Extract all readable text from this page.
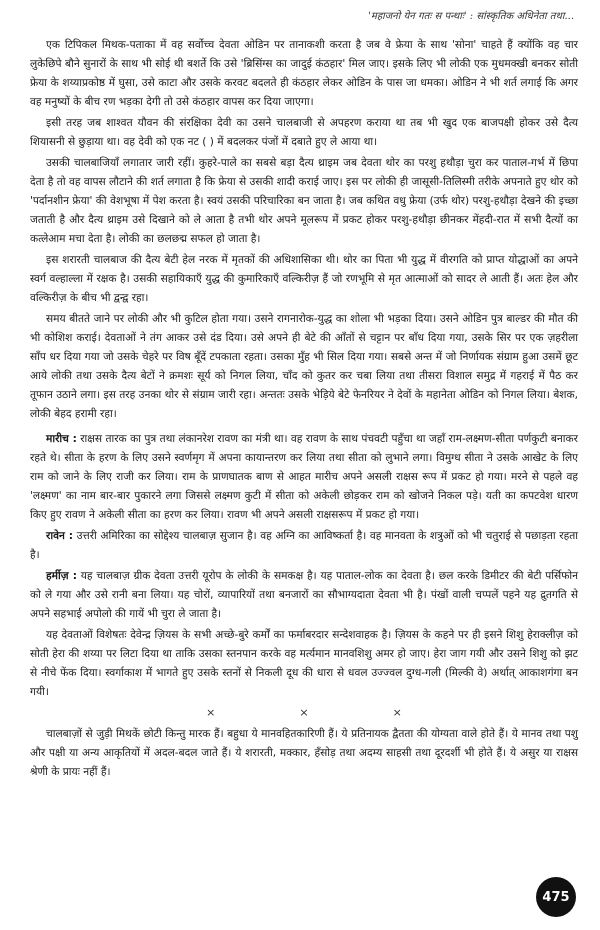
'महाजनो येन गतः स पन्थाः' : सांस्कृतिक अधिनेता तथा...

एक टिपिकल मिथक-पताका में वह सर्वोच्च देवता ओडिन पर तानाकशी करता है जब वे फ्रेया के साथ 'सोना' चाहते हैं क्योंकि वह चार लुकेछिपे बौने सुनारों के साथ भी सोई थी बशर्ते कि उसे 'ब्रिसिंग्स का जादुई कंठहार' मिल जाए। इसके लिए भी लोकी एक मुधमक्खी बनकर सोती फ्रेया के शय्याप्रकोष्ठ में घुसा, उसे काटा और उसके करवट बदलते ही कंठहार लेकर ओडिन के पास जा धमका। ओडिन ने भी शर्त लगाई कि अगर वह मनुष्यों के बीच रण भड़का देगी तो उसे कंठहार वापस कर दिया जाएगा।

इसी तरह जब शाश्वत यौवन की संरक्षिका देवी का उसने चालबाजी से अपहरण कराया था तब भी खुद एक बाजपक्षी होकर उसे दैत्य शियासनी से छुड़ाया था। वह देवी को एक नट ( ) में बदलकर पंजों में दबाते हुए ले आया था।

उसकी चालबाजियाँ लगातार जारी रहीं। कुहरे-पाले का सबसे बड़ा दैत्य थ्राइम जब देवता थोर का परशु हथौड़ा चुरा कर पाताल-गर्भ में छिपा देता है तो वह वापस लौटाने की शर्त लगाता है कि फ्रेया से उसकी शादी कराई जाए। इस पर लोकी ही जासूसी-तिलिस्मी तरीके अपनाते हुए थोर को 'पर्दानशीन फ्रेया' की वेशभूषा में पेश करता है। स्वयं उसकी परिचारिका बन जाता है। जब कथित वधु फ्रेया (उर्फ थोर) परशु-हथौड़ा देखने की इच्छा जताती है और दैत्य थ्राइम उसे दिखाने को ले आता है तभी थोर अपने मूलरूप में प्रकट होकर परशु-हथौड़ा छीनकर मेंहदी-रात में सभी दैत्यों का कत्लेआम मचा देता है। लोकी का छलछद्म सफल हो जाता है।

इस शरारती चालबाज की दैत्य बेटी हेल नरक में मृतकों की अधिशासिका थी। थोर का पिता भी युद्ध में वीरगति को प्राप्त योद्धाओं का अपने स्वर्ग वल्हाल्ला में रक्षक है। उसकी सहायिकाएँ युद्ध की कुमारिकाएँ वल्किरीज़ हैं जो रणभूमि से मृत आत्माओं को सादर ले आती हैं। अतः हेल और वल्किरीज़ के बीच भी द्वन्द्व रहा।

समय बीतते जाने पर लोकी और भी कुटिल होता गया। उसने रागनारोक-युद्ध का शोला भी भड़का दिया। उसने ओडिन पुत्र बाल्डर की मौत की भी कोशिश कराई। देवताओं ने तंग आकर उसे दंड दिया। उसे अपने ही बेटे की आँतों से चट्टान पर बाँध दिया गया, उसके सिर पर एक ज़हरीला साँप धर दिया गया जो उसके चेहरे पर विष बूँदें टपकाता रहता। उसका मुँह भी सिल दिया गया। सबसे अन्त में जो निर्णायक संग्राम हुआ उसमें छूट आये लोकी तथा उसके दैत्य बेटों ने क्रमशः सूर्य को निगल लिया, चाँद को कुतर कर चबा लिया तथा तीसरा विशाल समुद्र में गहराई में पैठ कर तूफान उठाने लगा। इस तरह उनका थोर से संग्राम जारी रहा। अन्ततः उसके भेड़िये बेटे फेनरियर ने देवों के महानेता ओडिन को निगल लिया। बेशक, लोकी बेहद हरामी रहा।

मारीच : राक्षस तारक का पुत्र तथा लंकानरेश रावण का मंत्री था। वह रावण के साथ पंचवटी पहुँचा था जहाँ राम-लक्ष्मण-सीता पर्णकुटी बनाकर रहते थे। सीता के हरण के लिए उसने स्वर्णमृग में अपना कायान्तरण कर लिया तथा सीता को लुभाने लगा। विमुग्ध सीता ने उसके आखेट के लिए राम को जाने के लिए राजी कर लिया। राम के प्राणघातक बाण से आहत मारीच अपने असली राक्षस रूप में प्रकट हो गया। मरने से पहले वह 'लक्ष्मण' का नाम बार-बार पुकारने लगा जिससे लक्ष्मण कुटी में सीता को अकेली छोड़कर राम को खोजने निकल पड़े। यती का कपटवेश धारण किए हुए रावण ने अकेली सीता का हरण कर लिया। रावण भी अपने असली राक्षसरूप में प्रकट हो गया।

रावेन : उत्तरी अमिरिका का सोद्देश्य चालबाज़ सुजान है। वह अग्नि का आविष्कर्ता है। वह मानवता के शत्रुओं को भी चतुराई से पछाड़ता रहता है।

हर्मीज़ : यह चालबाज़ ग्रीक देवता उत्तरी यूरोप के लोकी के समकक्ष है। यह पाताल-लोक का देवता है। छल करके डिमीटर की बेटी पर्सिफोन को ले गया और उसे रानी बना लिया। यह चोरों, व्यापारियों तथा बनजारों का सौभाग्यदाता देवता भी है। पंखों वाली चप्पलें पहने यह द्रुतगति से अपने सहभाई अपोलो की गायें भी चुरा ले जाता है।

यह देवताओं विशेषतः देवेन्द्र ज़ियस के सभी अच्छे-बुरे कर्मों का फर्माबरदार सन्देशवाहक है। ज़ियस के कहने पर ही इसने शिशु हेराक्लीज़ को सोती हेरा की शय्या पर लिटा दिया था ताकि उसका स्तनपान करके वह मर्त्यमान मानवशिशु अमर हो जाए। हेरा जाग गयी और उसने शिशु को झट से नीचे फेंक दिया। स्वर्गाकाश में भागते हुए उसके स्तनों से निकली दूध की धारा से धवल उज्ज्वल दुग्ध-गली (मिल्की वे) अर्थात् आकाशगंगा बन गयी।

×	×	×

चालबाज़ों से जुड़ी मिथकें छोटी किन्तु मारक हैं। बहुधा ये मानवहितकारिणी हैं। ये प्रतिनायक द्वैतता की योग्यता वाले होते हैं। ये मानव तथा पशु और पक्षी या अन्य आकृतियों में अदल-बदल जाते हैं। ये शरारती, मक्कार, हँसोड़ तथा अदम्य साहसी तथा दूरदर्शी भी होते हैं। ये असुर या राक्षस श्रेणी के प्रायः नहीं हैं।

475
